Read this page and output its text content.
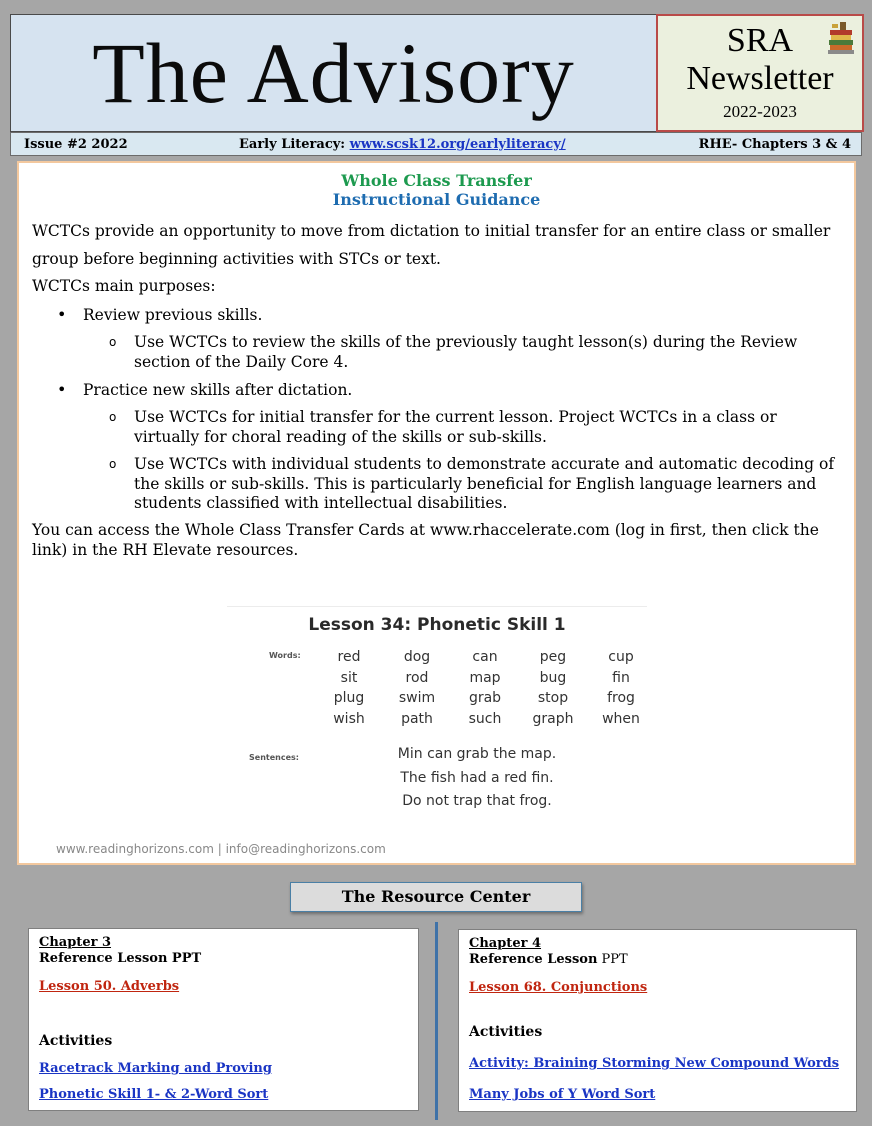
The Advisory	SRA
Newsletter
2022-2023
Issue #2 2022	Early Literacy: www.scsk12.org/earlyliteracy/	RHE- Chapters 3 & 4
Whole Class Transfer
Instructional Guidance

WCTCs provide an opportunity to move from dictation to initial transfer for an entire class or smaller group before beginning activities with STCs or text.

WCTCs main purposes:

• Review previous skills.
o Use WCTCs to review the skills of the previously taught lesson(s) during the Review section of the Daily Core 4.
• Practice new skills after dictation.
o Use WCTCs for initial transfer for the current lesson. Project WCTCs in a class or virtually for choral reading of the skills or sub-skills.
o Use WCTCs with individual students to demonstrate accurate and automatic decoding of the skills or sub-skills. This is particularly beneficial for English language learners and students classified with intellectual disabilities.

You can access the Whole Class Transfer Cards at www.rhaccelerate.com (log in first, then click the link) in the RH Elevate resources.

Lesson 34: Phonetic Skill 1
Words:	red	dog	can	peg	cup
sit	rod	map	bug	fin
plug	swim	grab	stop	frog
wish	path	such	graph	when
Sentences:	Min can grab the map.
The fish had a red fin.
Do not trap that frog.
www.readinghorizons.com | info@readinghorizons.com
The Resource Center
Chapter 3
Reference Lesson PPT
Lesson 50. Adverbs
Activities
Racetrack Marking and Proving
Phonetic Skill 1- & 2-Word Sort
Chapter 4
Reference Lesson PPT
Lesson 68. Conjunctions
Activities
Activity: Braining Storming New Compound Words
Many Jobs of Y Word Sort
